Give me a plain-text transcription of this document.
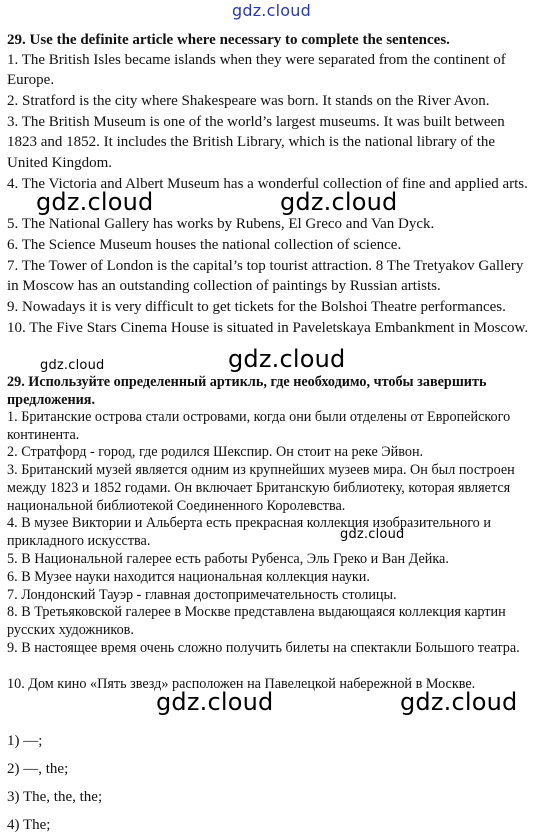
gdz.cloud
29. Use the definite article where necessary to complete the sentences.
1. The British Isles became islands when they were separated from the continent of Europe.
2. Stratford is the city where Shakespeare was born. It stands on the River Avon.
3. The British Museum is one of the world’s largest museums. It was built between 1823 and 1852. It includes the British Library, which is the national library of the United Kingdom.
4. The Victoria and Albert Museum has a wonderful collection of fine and applied arts.
5. The National Gallery has works by Rubens, El Greco and Van Dyck.
6. The Science Museum houses the national collection of science.
7. The Tower of London is the capital’s top tourist attraction. 8 The Tretyakov Gallery in Moscow has an outstanding collection of paintings by Russian artists.
9. Nowadays it is very difficult to get tickets for the Bolshoi Theatre performances.
10. The Five Stars Cinema House is situated in Paveletskaya Embankment in Moscow.
gdz.cloud	gdz.cloud
gdz.cloud	gdz.cloud
29. Используйте определенный артикль, где необходимо, чтобы завершить предложения.
1. Британские острова стали островами, когда они были отделены от Европейского континента.
2. Стратфорд - город, где родился Шекспир. Он стоит на реке Эйвон.
3. Британский музей является одним из крупнейших музеев мира. Он был построен между 1823 и 1852 годами. Он включает Британскую библиотеку, которая является национальной библиотекой Соединенного Королевства.
4. В музее Виктории и Альберта есть прекрасная коллекция изобразительного и прикладного искусства.
5. В Национальной галерее есть работы Рубенса, Эль Греко и Ван Дейка.
6. В Музее науки находится национальная коллекция науки.
7. Лондонский Тауэр - главная достопримечательность столицы.
8. В Третьяковской галерее в Москве представлена выдающаяся коллекция картин русских художников.
9. В настоящее время очень сложно получить билеты на спектакли Большого театра.
10. Дом кино «Пять звезд» расположен на Павелецкой набережной в Москве.
gdz.cloud
gdz.cloud	gdz.cloud
1) —;
2) —, the;
3) The, the, the;
4) The;
